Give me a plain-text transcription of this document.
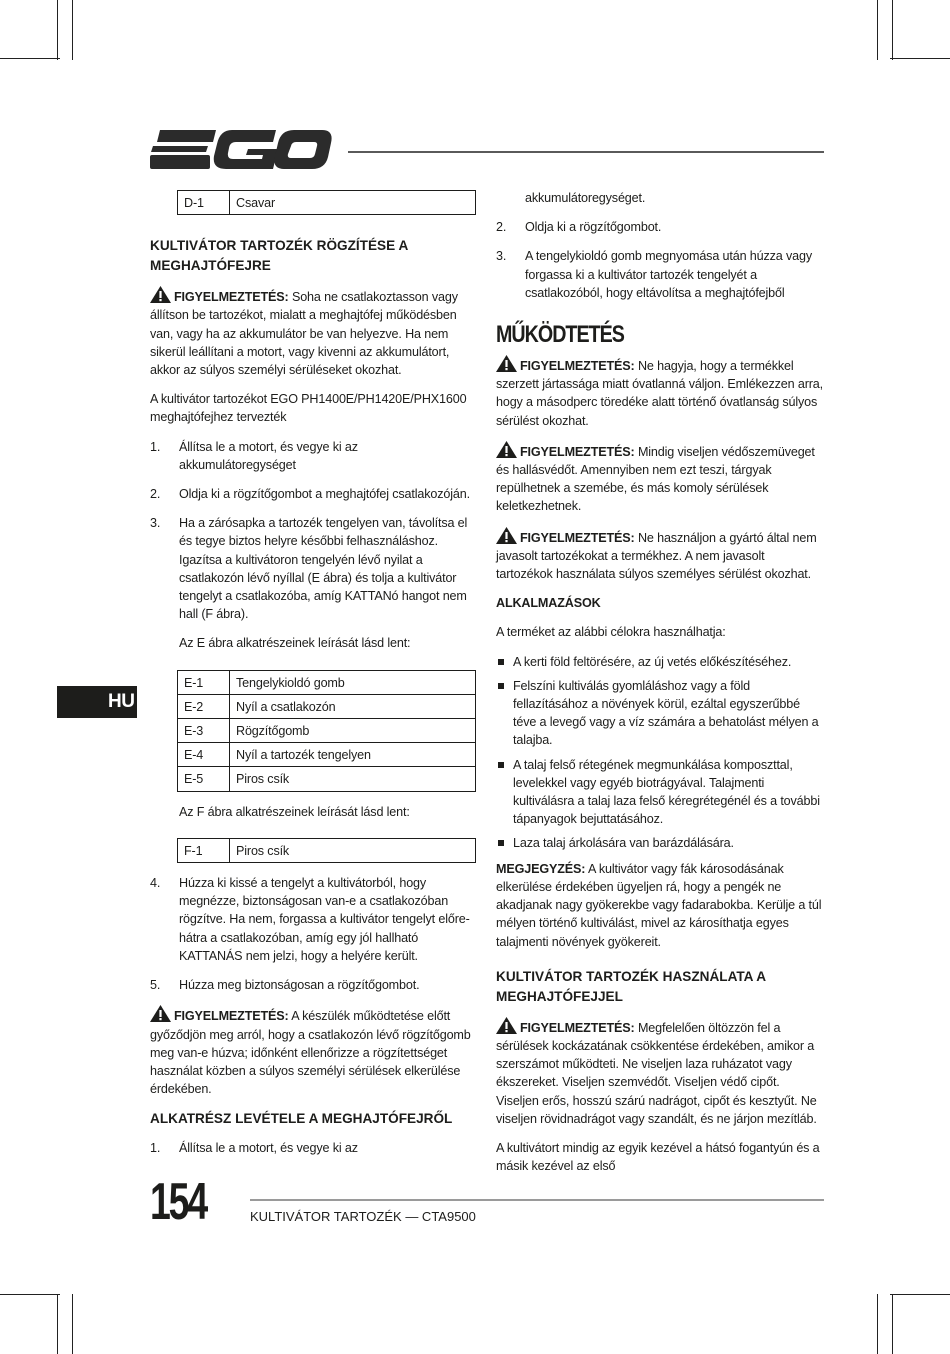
HU
D-1	Csavar
KULTIVÁTOR TARTOZÉK RÖGZÍTÉSE A MEGHAJTÓFEJRE

FIGYELMEZTETÉS: Soha ne csatlakoztasson vagy állítson be tartozékot, mialatt a meghajtófej működésben van, vagy ha az akkumulátor be van helyezve. Ha nem sikerül leállítani a motort, vagy kivenni az akkumulátort, akkor az súlyos személyi sérüléseket okozhat.

A kultivátor tartozékot EGO PH1400E/PH1420E/PHX1600 meghajtófejhez tervezték

1. Állítsa le a motort, és vegye ki az akkumulátoregységet
2. Oldja ki a rögzítőgombot a meghajtófej csatlakozóján.
3. Ha a zárósapka a tartozék tengelyen van, távolítsa el és tegye biztos helyre későbbi felhasználáshoz. Igazítsa a kultivátoron tengelyén lévő nyilat a csatlakozón lévő nyíllal (E ábra) és tolja a kultivátor tengelyt a csatlakozóba, amíg KATTANó hangot nem hall (F ábra).

Az E ábra alkatrészeinek leírását lásd lent:

E-1	Tengelykioldó gomb
E-2	Nyíl a csatlakozón
E-3	Rögzítőgomb
E-4	Nyíl a tartozék tengelyen
E-5	Piros csík

Az F ábra alkatrészeinek leírását lásd lent:

F-1	Piros csík
4. Húzza ki kissé a tengelyt a kultivátorból, hogy megnézze, biztonságosan van-e a csatlakozóban rögzítve. Ha nem, forgassa a kultivátor tengelyt előre-hátra a csatlakozóban, amíg egy jól hallható KATTANÁS nem jelzi, hogy a helyére került.
5. Húzza meg biztonságosan a rögzítőgombot.

FIGYELMEZTETÉS: A készülék működtetése előtt győződjön meg arról, hogy a csatlakozón lévő rögzítőgomb meg van-e húzva; időnként ellenőrizze a rögzítettséget használat közben a súlyos személyi sérülések elkerülése érdekében.

ALKATRÉSZ LEVÉTELE A MEGHAJTÓFEJRŐL
1. Állítsa le a motort, és vegye ki az

akkumulátoregységet.

2. Oldja ki a rögzítőgombot.
3. A tengelykioldó gomb megnyomása után húzza vagy forgassa ki a kultivátor tartozék tengelyét a csatlakozóból, hogy eltávolítsa a meghajtófejből
MŰKÖDTETÉS

FIGYELMEZTETÉS: Ne hagyja, hogy a termékkel szerzett jártassága miatt óvatlanná váljon. Emlékezzen arra, hogy a másodperc töredéke alatt történő óvatlanság súlyos sérülést okozhat.

FIGYELMEZTETÉS: Mindig viseljen védőszemüveget és hallásvédőt. Amennyiben nem ezt teszi, tárgyak repülhetnek a szemébe, és más komoly sérülések keletkezhetnek.

FIGYELMEZTETÉS: Ne használjon a gyártó által nem javasolt tartozékokat a termékhez. A nem javasolt tartozékok használata súlyos személyes sérülést okozhat.

ALKALMAZÁSOK

A terméket az alábbi célokra használhatja:

A kerti föld feltörésére, az új vetés előkészítéséhez.
Felszíni kultiválás gyomláláshoz vagy a föld fellazításához a növények körül, ezáltal egyszerűbbé téve a levegő vagy a víz számára a behatolást mélyen a talajba.
A talaj felső rétegének megmunkálása komposzttal, levelekkel vagy egyéb biotrágyával. Talajmenti kultiválásra a talaj laza felső kéregrétegénél és a további tápanyagok bejuttatásához.
Laza talaj árkolására van barázdálására.

MEGJEGYZÉS: A kultivátor vagy fák károsodásának elkerülése érdekében ügyeljen rá, hogy a pengék ne akadjanak nagy gyökerekbe vagy fadarabokba. Kerülje a túl mélyen történő kultiválást, mivel az károsíthatja egyes talajmenti növények gyökereit.

KULTIVÁTOR TARTOZÉK HASZNÁLATA A MEGHAJTÓFEJJEL

FIGYELMEZTETÉS: Megfelelően öltözzön fel a sérülések kockázatának csökkentése érdekében, amikor a szerszámot működteti. Ne viseljen laza ruházatot vagy ékszereket. Viseljen szemvédőt. Viseljen védő cipőt. Viseljen erős, hosszú szárú nadrágot, cipőt és kesztyűt. Ne viseljen rövidnadrágot vagy szandált, és ne járjon mezítláb.

A kultivátort mindig az egyik kezével a hátsó fogantyún és a másik kezével az első

154	KULTIVÁTOR TARTOZÉK — CTA9500
